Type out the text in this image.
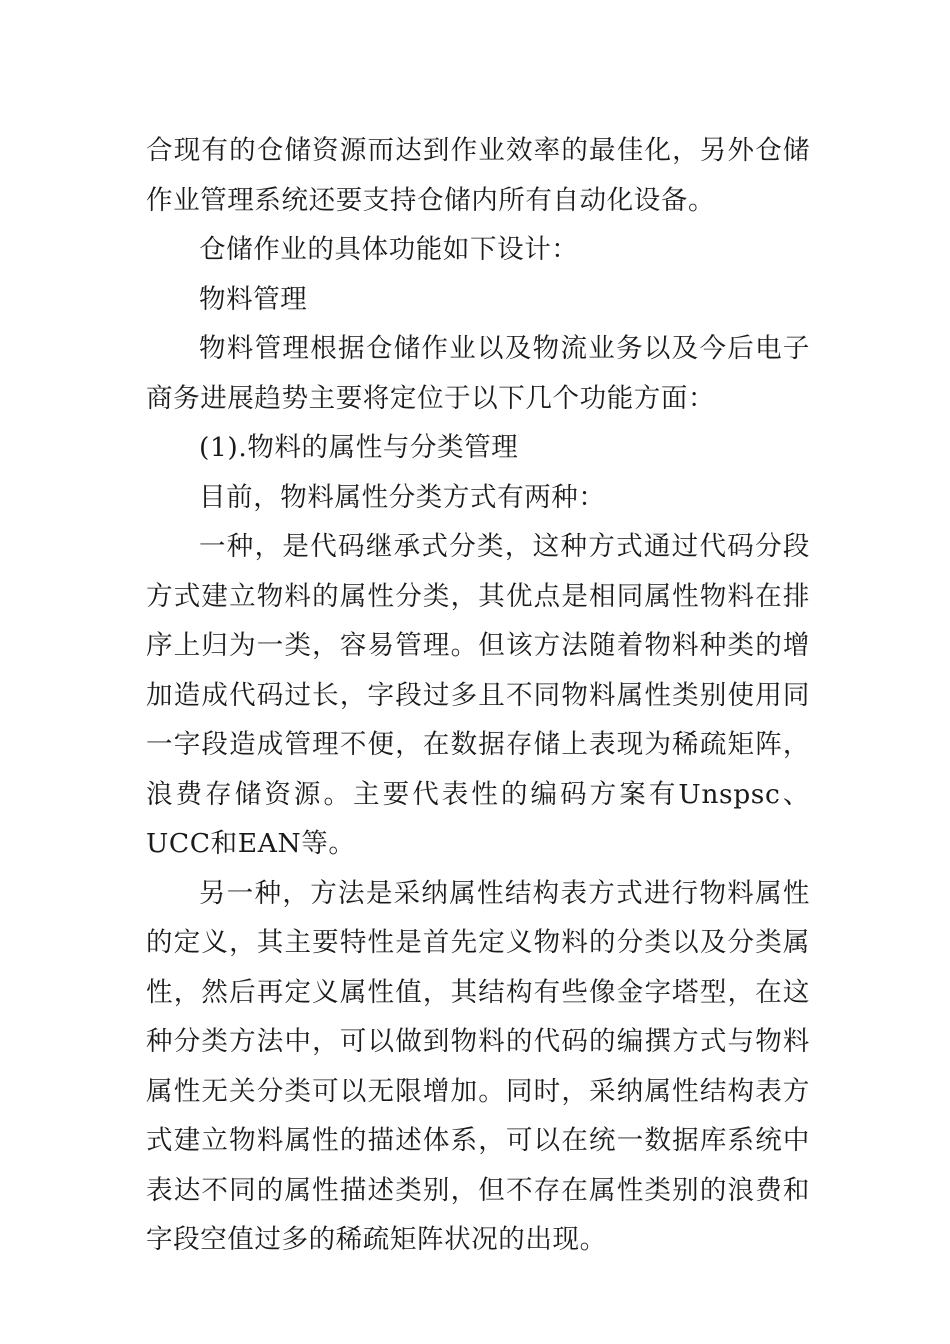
合现有的仓储资源而达到作业效率的最佳化，另外仓储作业管理系统还要支持仓储内所有自动化设备。

仓储作业的具体功能如下设计：

物料管理

物料管理根据仓储作业以及物流业务以及今后电子商务进展趋势主要将定位于以下几个功能方面：

(1).物料的属性与分类管理

目前，物料属性分类方式有两种：

一种，是代码继承式分类，这种方式通过代码分段方式建立物料的属性分类，其优点是相同属性物料在排序上归为一类，容易管理。但该方法随着物料种类的增加造成代码过长，字段过多且不同物料属性类别使用同一字段造成管理不便，在数据存储上表现为稀疏矩阵，浪费存储资源。主要代表性的编码方案有Unspsc、UCC和EAN等。

另一种，方法是采纳属性结构表方式进行物料属性的定义，其主要特性是首先定义物料的分类以及分类属性，然后再定义属性值，其结构有些像金字塔型，在这种分类方法中，可以做到物料的代码的编撰方式与物料属性无关分类可以无限增加。同时，采纳属性结构表方式建立物料属性的描述体系，可以在统一数据库系统中表达不同的属性描述类别，但不存在属性类别的浪费和字段空值过多的稀疏矩阵状况的出现。
